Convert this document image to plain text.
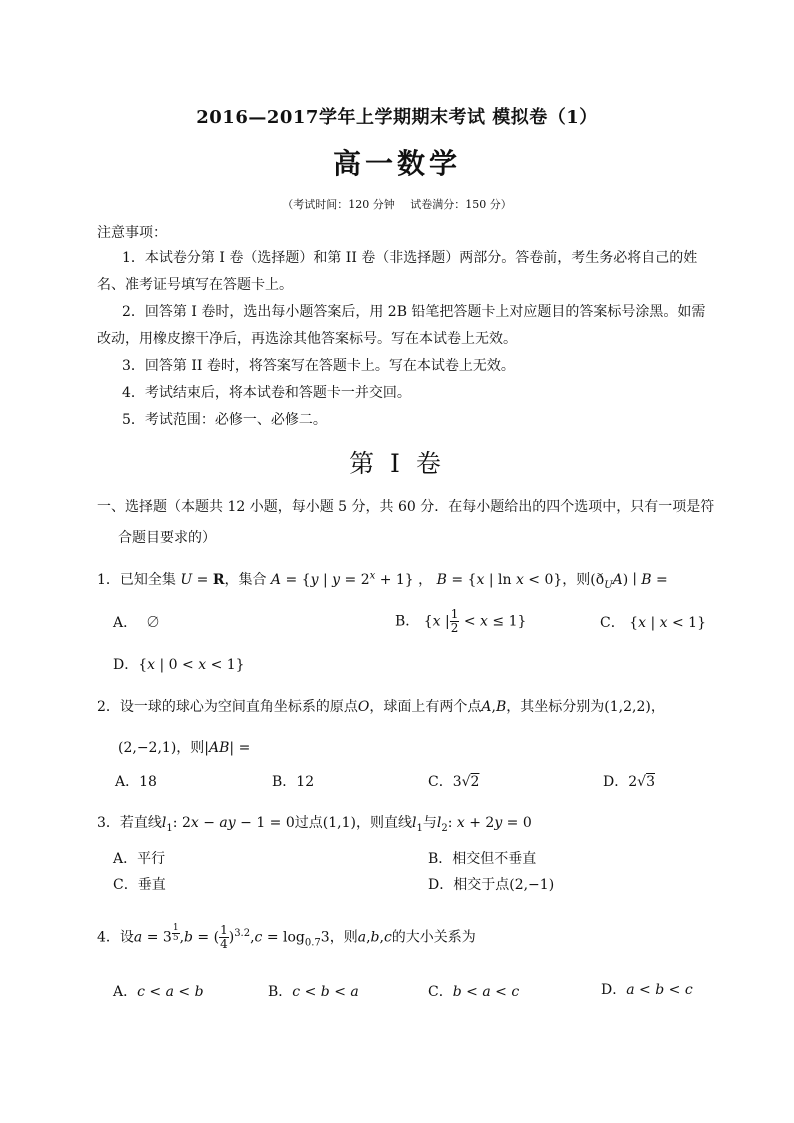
2016—2017学年上学期期末考试 模拟卷（1）
高一数学
（考试时间：120 分钟 试卷满分：150 分）
注意事项：
1．本试卷分第 I 卷（选择题）和第 II 卷（非选择题）两部分。答卷前，考生务必将自己的姓名、准考证号填写在答题卡上。
2．回答第 I 卷时，选出每小题答案后，用 2B 铅笔把答题卡上对应题目的答案标号涂黑。如需改动，用橡皮擦干净后，再选涂其他答案标号。写在本试卷上无效。
3．回答第 II 卷时，将答案写在答题卡上。写在本试卷上无效。
4．考试结束后，将本试卷和答题卡一并交回。
5．考试范围：必修一、必修二。
第 I 卷
一、选择题（本题共 12 小题，每小题 5 分，共 60 分．在每小题给出的四个选项中，只有一项是符
合题目要求的）
1．已知全集 U = R，集合 A = {y | $y = 2^x + 1$} ， B = {x | ln x < 0}，则$(ð_UA)$ ∣ B =
A． ∅	B． {x | $\frac{1}{2} < x \le 1$}	C． {x | x < 1}
D．{x | 0 < x < 1}
2．设一球的球心为空间直角坐标系的原点O，球面上有两个点A,B，其坐标分别为(1,2,2)，
(2,−2,1)，则|AB| =
A．18	B．12	C．3√2	D．2√3
3．若直线$l_1$: 2x − ay − 1 = 0过点(1,1)，则直线$l_1$与$l_2$: x + 2y = 0
A．平行	B．相交但不垂直
C．垂直	D．相交于点(2,−1)
4．设a = 3 $^{\frac{1}{5}}$ ,b = ( $\frac{1}{4} )^{3.2},c = \log_{0.7}3$，则a,b,c的大小关系为
A．c < a < b	B．c < b < a	C．b < a < c	D．a < b < c
